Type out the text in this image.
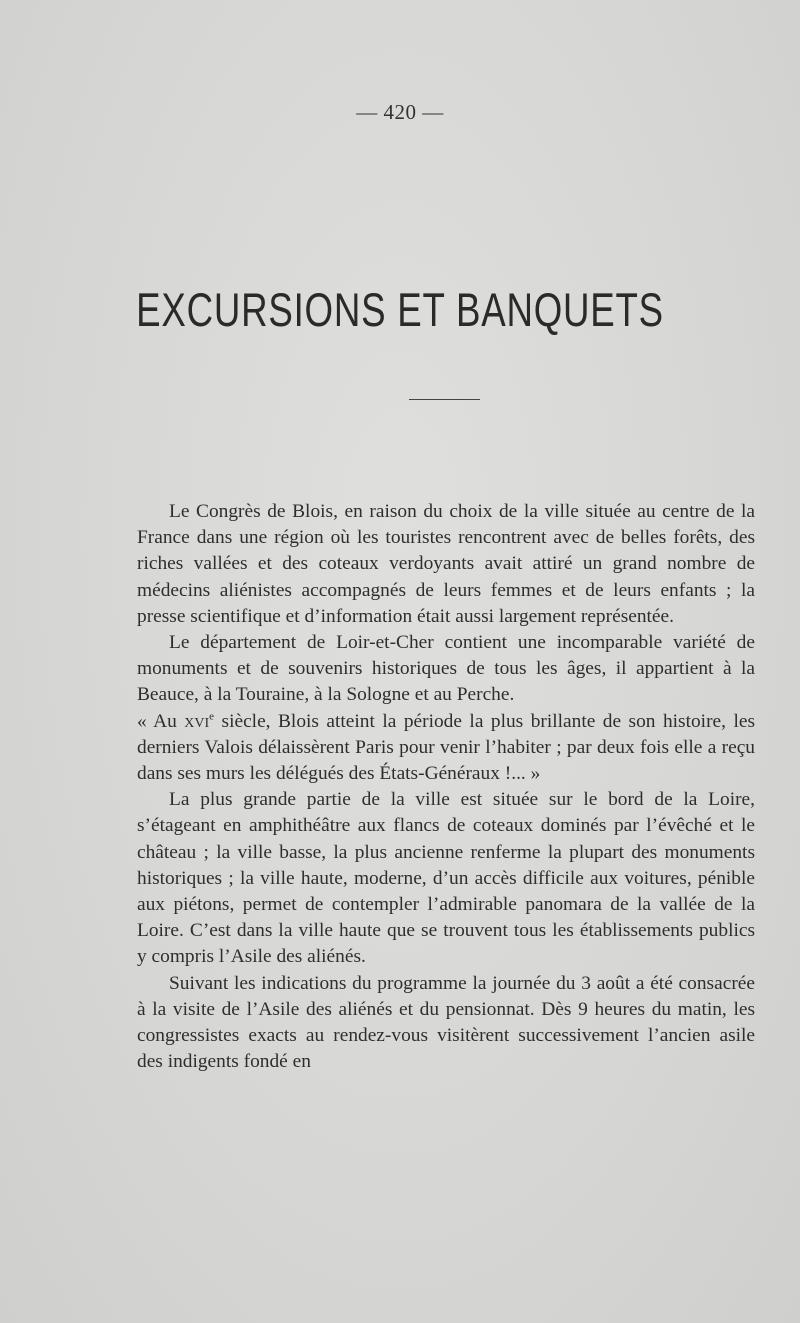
— 420 —
EXCURSIONS ET BANQUETS

Le Congrès de Blois, en raison du choix de la ville située au centre de la France dans une région où les touristes rencontrent avec de belles forêts, des riches vallées et des coteaux verdoyants avait attiré un grand nombre de médecins aliénistes accompagnés de leurs femmes et de leurs enfants ; la presse scientifique et d’information était aussi largement représentée.

Le département de Loir-et-Cher contient une incomparable variété de monuments et de souvenirs historiques de tous les âges, il appartient à la Beauce, à la Touraine, à la Sologne et au Perche.

« Au xvi$^e$ siècle, Blois atteint la période la plus brillante de son histoire, les derniers Valois délaissèrent Paris pour venir l’habiter ; par deux fois elle a reçu dans ses murs les délégués des États-Généraux !... »

La plus grande partie de la ville est située sur le bord de la Loire, s’étageant en amphithéâtre aux flancs de coteaux dominés par l’évêché et le château ; la ville basse, la plus ancienne renferme la plupart des monuments historiques ; la ville haute, moderne, d’un accès difficile aux voitures, pénible aux piétons, permet de contempler l’admirable panomara de la vallée de la Loire. C’est dans la ville haute que se trouvent tous les établissements publics y compris l’Asile des aliénés.

Suivant les indications du programme la journée du 3 août a été consacrée à la visite de l’Asile des aliénés et du pensionnat. Dès 9 heures du matin, les congressistes exacts au rendez-vous visitèrent successivement l’ancien asile des indigents fondé en
